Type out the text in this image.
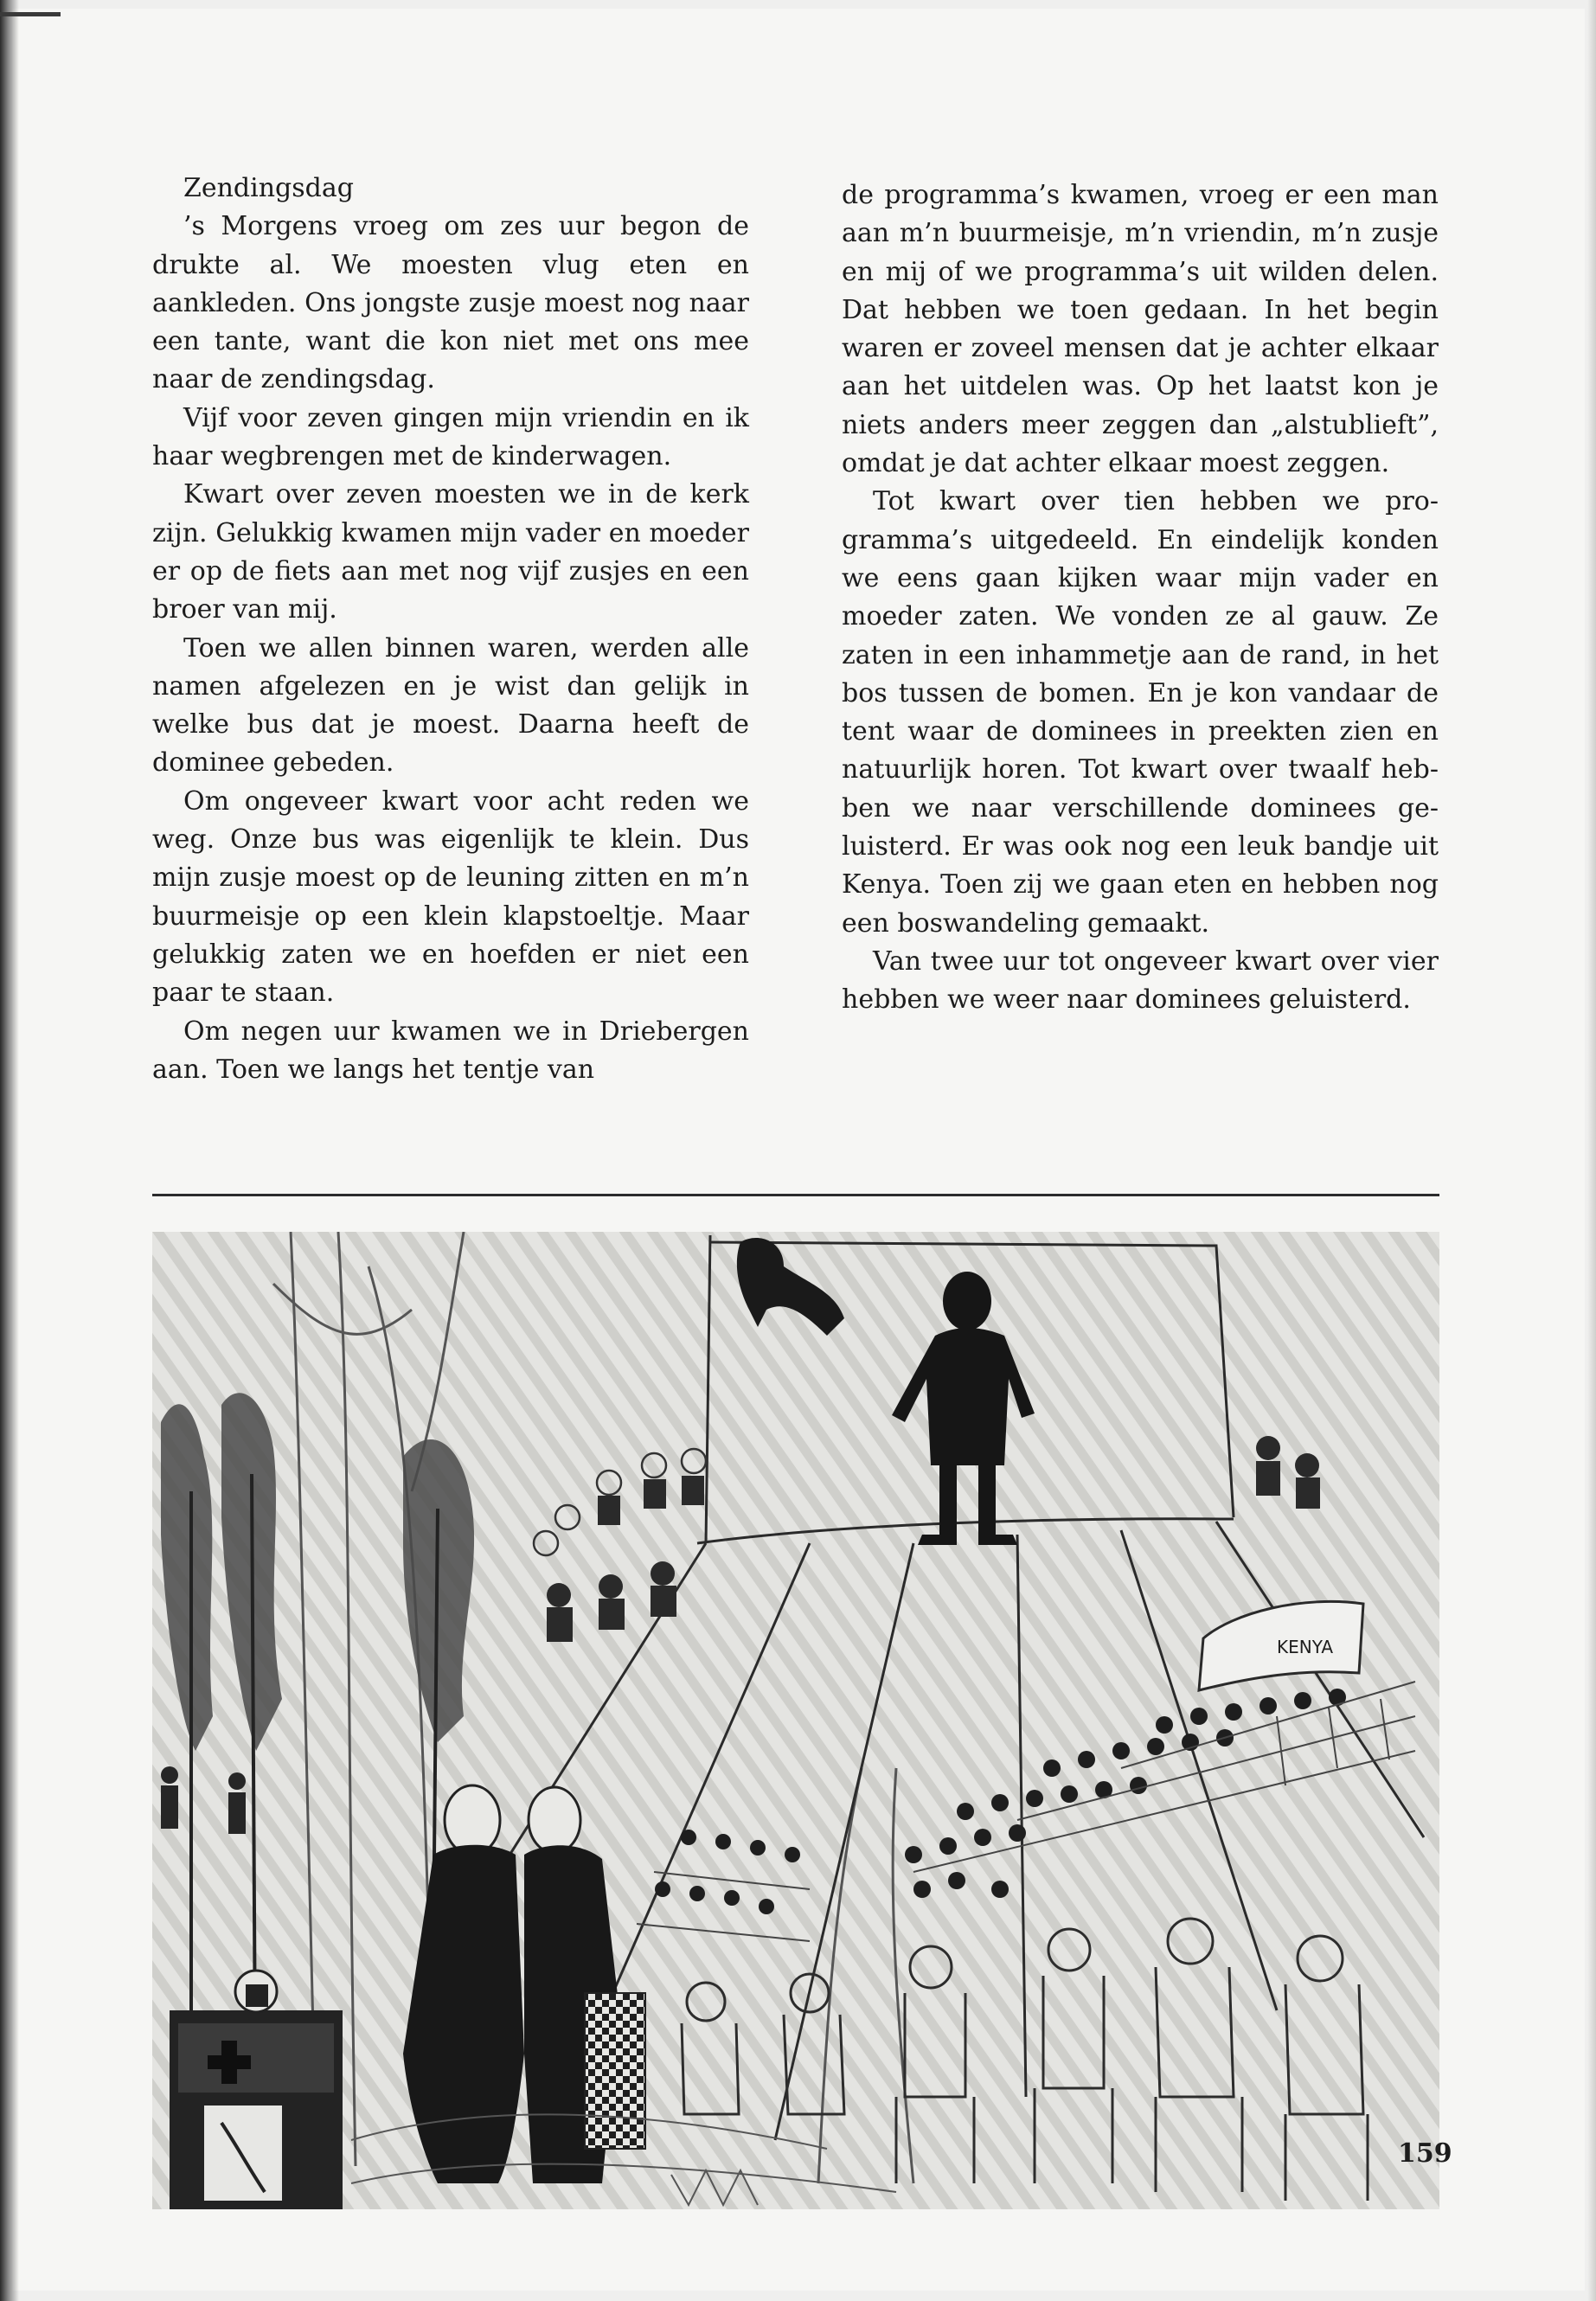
Zendingsdag

’s Morgens vroeg om zes uur begon de drukte al. We moesten vlug eten en aankleden. Ons jongste zusje moest nog naar een tante, want die kon niet met ons mee naar de zendingsdag.

Vijf voor zeven gingen mijn vriendin en ik haar wegbrengen met de kinderwagen.

Kwart over zeven moesten we in de kerk zijn. Gelukkig kwamen mijn vader en moeder er op de fiets aan met nog vijf zusjes en een broer van mij.

Toen we allen binnen waren, werden alle namen afgelezen en je wist dan gelijk in welke bus dat je moest. Daarna heeft de dominee gebeden.

Om ongeveer kwart voor acht reden we weg. Onze bus was eigenlijk te klein. Dus mijn zusje moest op de leuning zitten en m’n buurmeisje op een klein klapstoeltje. Maar gelukkig zaten we en hoefden er niet een paar te staan.

Om negen uur kwamen we in Driebergen aan. Toen we langs het tentje van

de programma’s kwamen, vroeg er een man aan m’n buurmeisje, m’n vriendin, m’n zusje en mij of we programma’s uit wilden delen. Dat hebben we toen gedaan. In het begin waren er zoveel mensen dat je achter elkaar aan het uitdelen was. Op het laatst kon je niets anders meer zeggen dan „alstublieft”, omdat je dat achter elkaar moest zeggen.

Tot kwart over tien hebben we programma’s uitgedeeld. En eindelijk konden we eens gaan kijken waar mijn vader en moeder zaten. We vonden ze al gauw. Ze zaten in een inhammetje aan de rand, in het bos tussen de bomen. En je kon vandaar de tent waar de dominees in preekten zien en natuurlijk horen. Tot kwart over twaalf hebben we naar verschillende dominees geluisterd. Er was ook nog een leuk bandje uit Kenya. Toen zij we gaan eten en hebben nog een boswandeling gemaakt.

Van twee uur tot ongeveer kwart over vier hebben we weer naar dominees geluisterd.

KENYA
159
